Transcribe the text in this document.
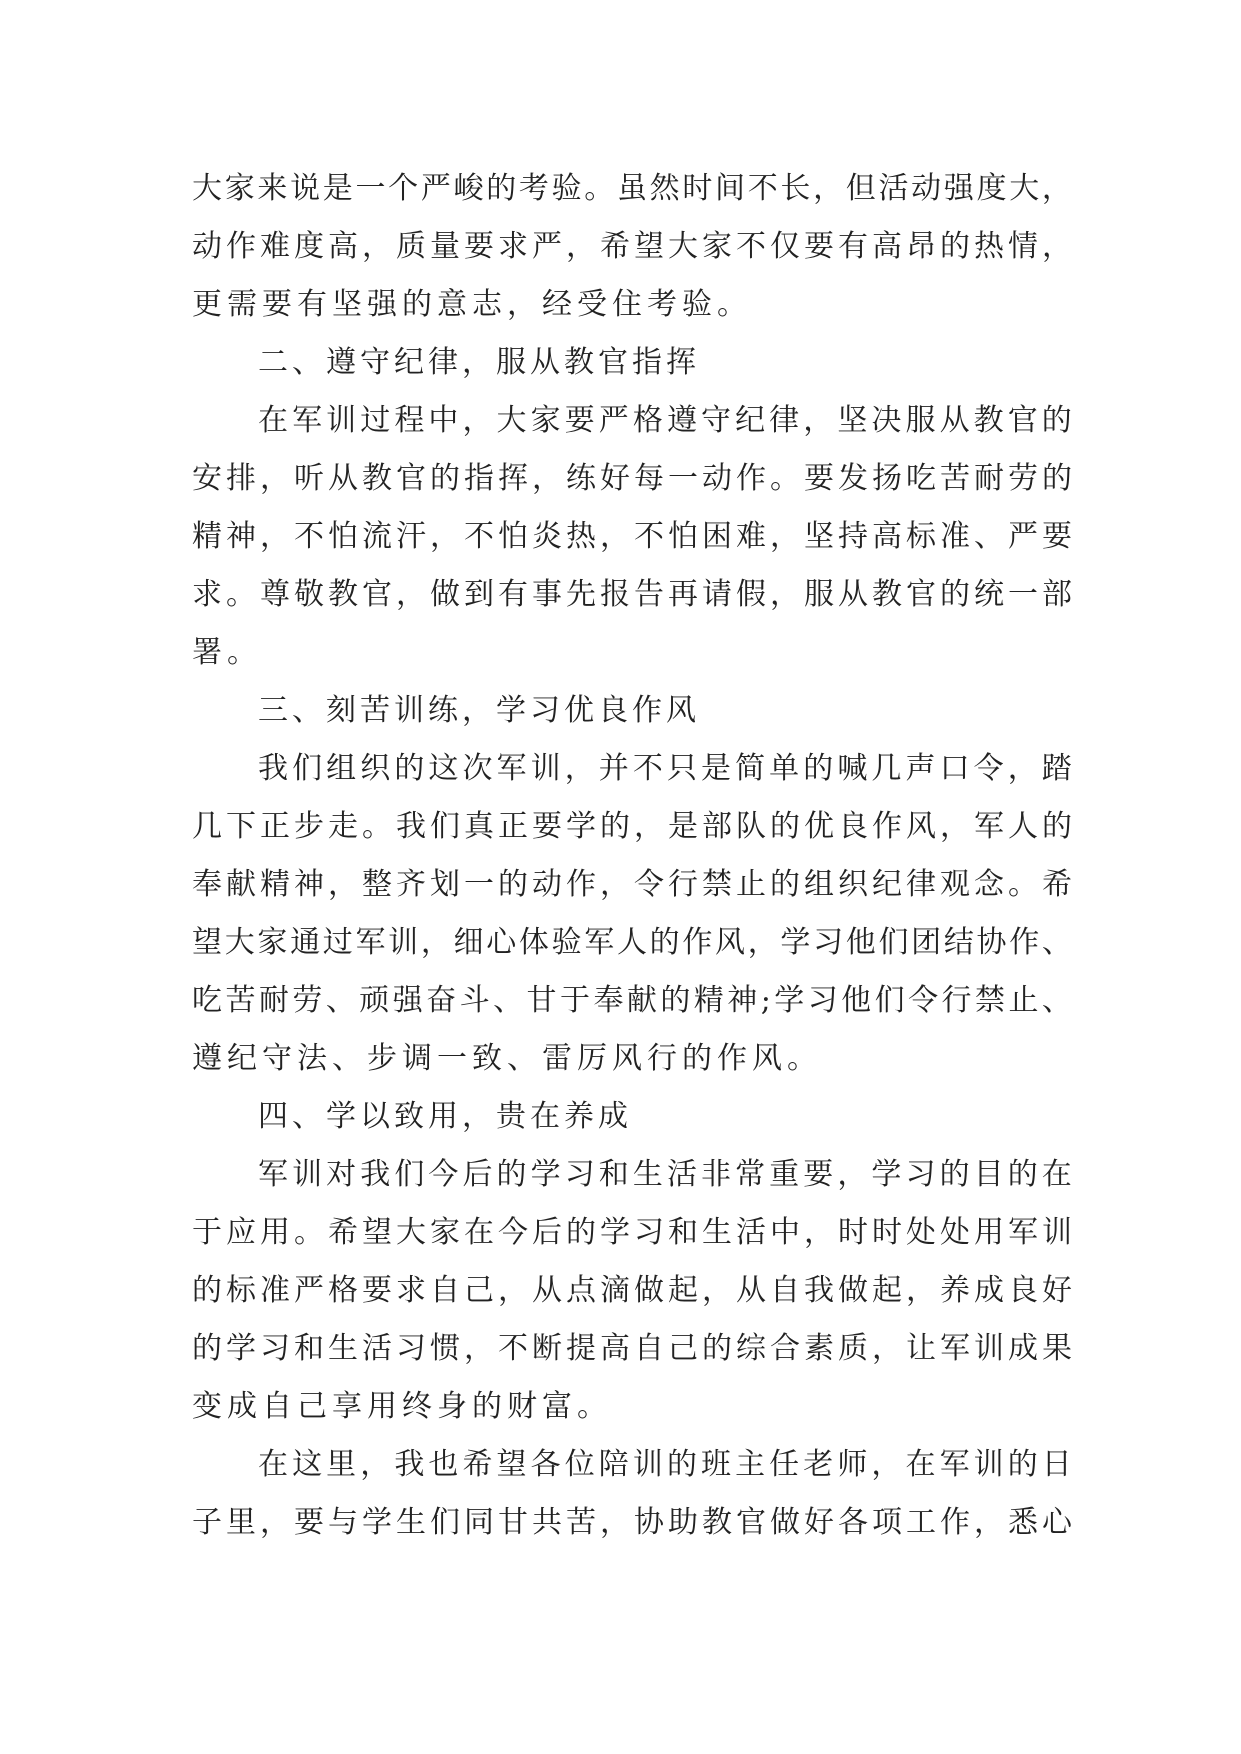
大 家 来 说 是 一 个 严 峻 的 考 验 。 虽 然 时 间 不 长 ， 但 活 动 强 度 大 ，
动 作 难 度 高 ， 质 量 要 求 严 ， 希 望 大 家 不 仅 要 有 高 昂 的 热 情 ，
更需要有坚强的意志，经受住考验。
二、遵守纪律，服从教官指挥
在 军 训 过 程 中 ， 大 家 要 严 格 遵 守 纪 律 ， 坚 决 服 从 教 官 的
安 排 ， 听 从 教 官 的 指 挥 ， 练 好 每 一 动 作 。 要 发 扬 吃 苦 耐 劳 的
精 神 ， 不 怕 流 汗 ， 不 怕 炎 热 ， 不 怕 困 难 ， 坚 持 高 标 准 、 严 要
求 。 尊 敬 教 官 ， 做 到 有 事 先 报 告 再 请 假 ， 服 从 教 官 的 统 一 部
署。
三、刻苦训练，学习优良作风
我 们 组 织 的 这 次 军 训 ， 并 不 只 是 简 单 的 喊 几 声 口 令 ， 踏
几 下 正 步 走 。 我 们 真 正 要 学 的 ， 是 部 队 的 优 良 作 风 ， 军 人 的
奉 献 精 神 ， 整 齐 划 一 的 动 作 ， 令 行 禁 止 的 组 织 纪 律 观 念 。 希
望 大 家 通 过 军 训 ， 细 心 体 验 军 人 的 作 风 ， 学 习 他 们 团 结 协 作 、
吃 苦 耐 劳 、 顽 强 奋 斗 、 甘 于 奉 献 的 精 神 ; 学 习 他 们 令 行 禁 止 、
遵纪守法、步调一致、雷厉风行的作风。
四、学以致用，贵在养成
军 训 对 我 们 今 后 的 学 习 和 生 活 非 常 重 要 ， 学 习 的 目 的 在
于 应 用 。 希 望 大 家 在 今 后 的 学 习 和 生 活 中 ， 时 时 处 处 用 军 训
的 标 准 严 格 要 求 自 己 ， 从 点 滴 做 起 ， 从 自 我 做 起 ， 养 成 良 好
的 学 习 和 生 活 习 惯 ， 不 断 提 高 自 己 的 综 合 素 质 ， 让 军 训 成 果
变成自己享用终身的财富。
在 这 里 ， 我 也 希 望 各 位 陪 训 的 班 主 任 老 师 ， 在 军 训 的 日
子 里 ， 要 与 学 生 们 同 甘 共 苦 ， 协 助 教 官 做 好 各 项 工 作 ， 悉 心
